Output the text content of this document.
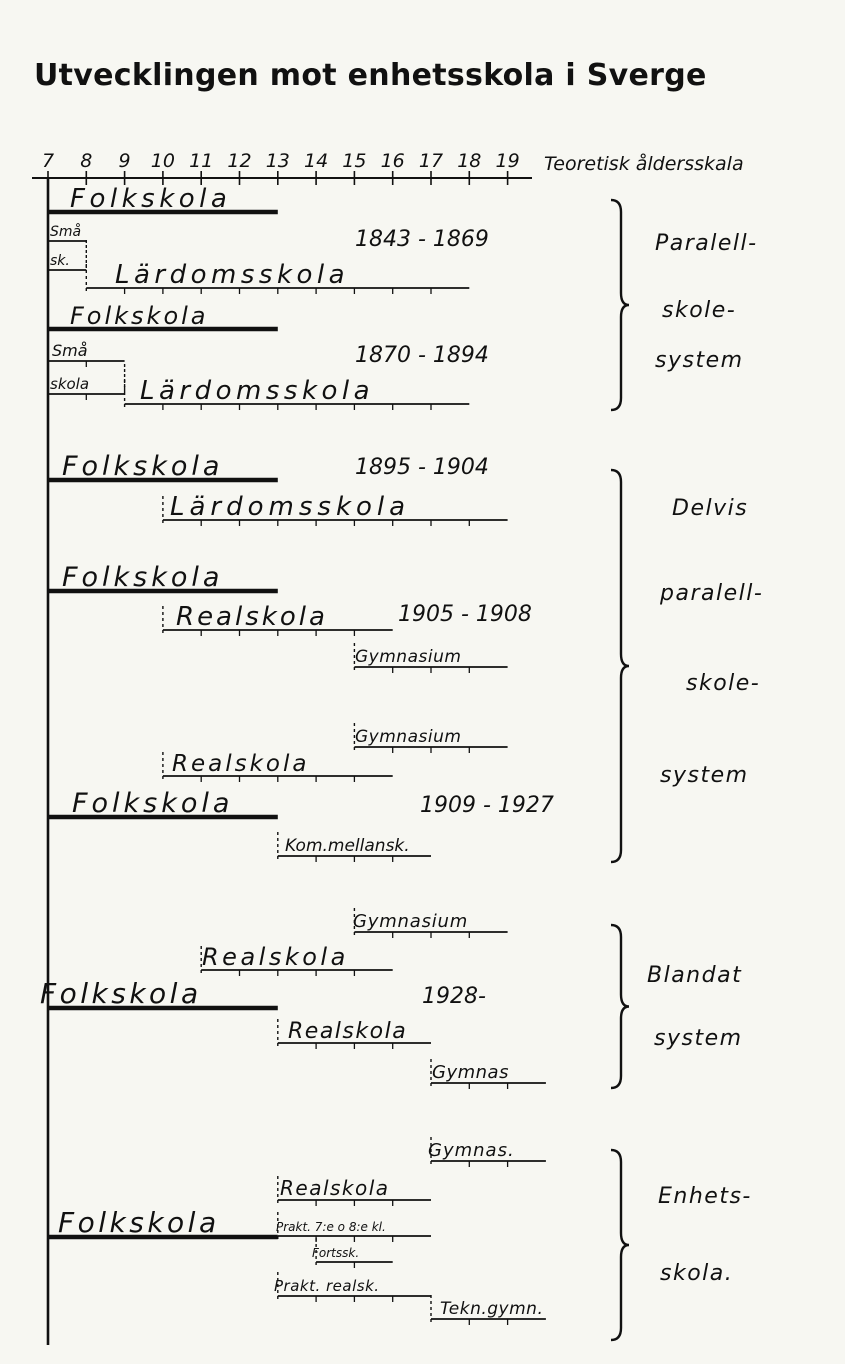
Utvecklingen mot enhetsskola i Sverge
7 8 9 10 11 12 13 14 15 16 17 18 19 Teoretisk åldersskala
Folkskola
Små
sk. Lärdomsskola
Folkskola
Små
skola Lärdomsskola
Folkskola
Lärdomsskola
Folkskola
Realskola
Gymnasium
Gymnasium
Realskola
Folkskola
Kom.mellansk.
Gymnasium
Realskola
Folkskola
Realskola
Gymnas
Gymnas.
Realskola
Prakt. 7:e o 8:e kl.
Fortssk.
Folkskola
Prakt. realsk.
Tekn.gymn.
1843 - 1869
1870 - 1894
1895 - 1904
1905 - 1908
1909 - 1927
1928-
Paralell-
skole-
system
Delvis
paralell-
skole-
system
Blandat
system
Enhets-
skola.
